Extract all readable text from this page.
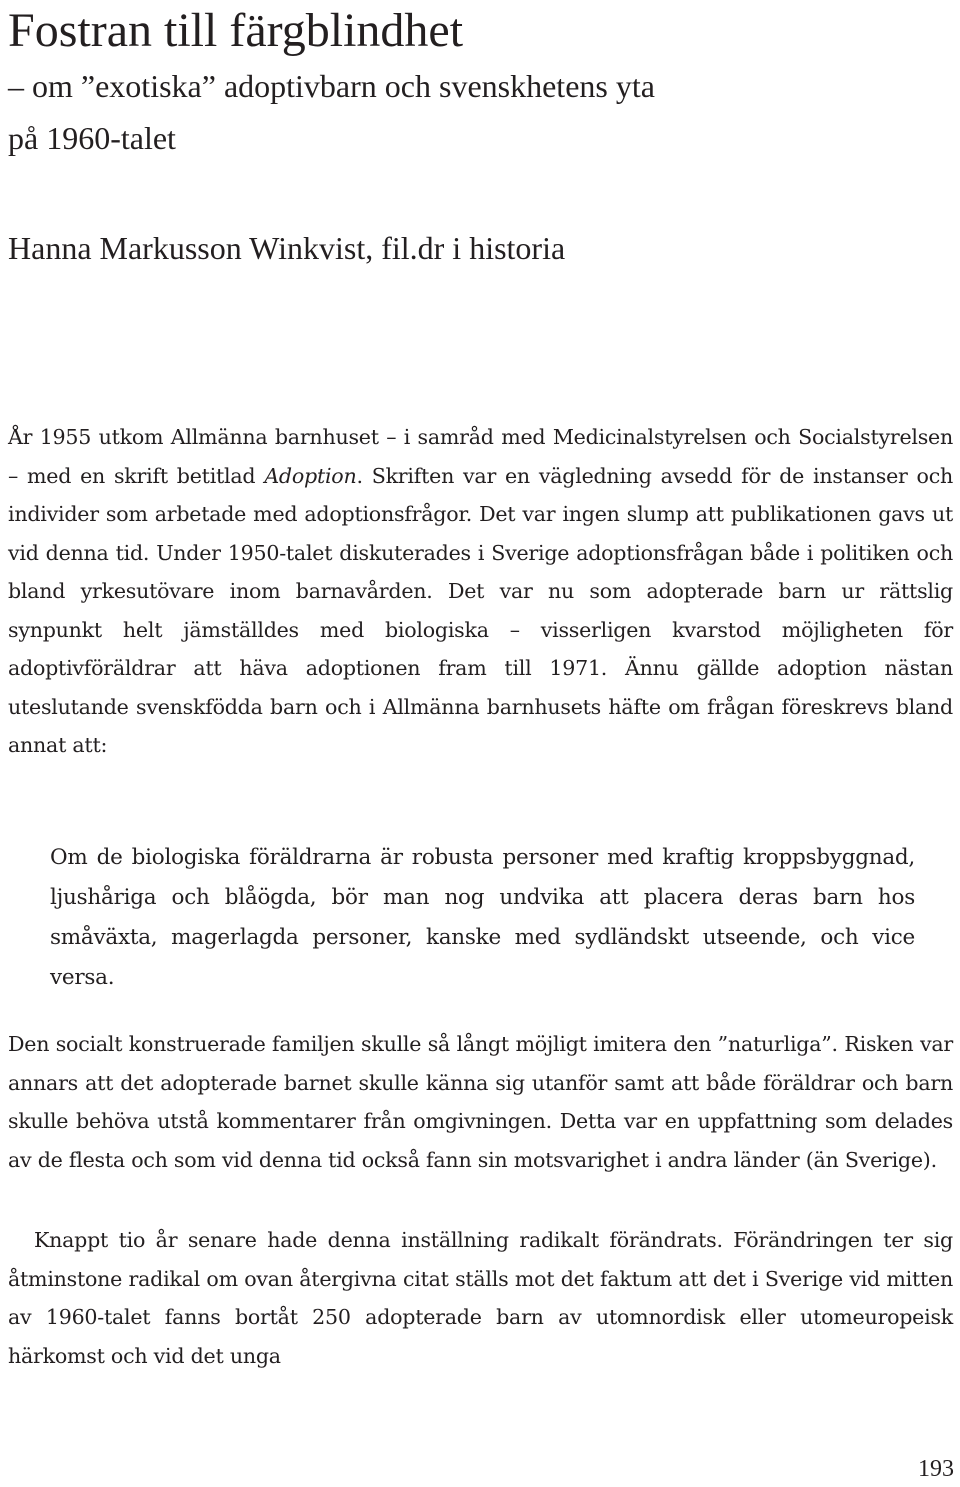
Fostran till färgblindhet
– om ”exotiska” adoptivbarn och svenskhetens yta
på 1960-talet
Hanna Markusson Winkvist, fil.dr i historia

År 1955 utkom Allmänna barnhuset – i samråd med Medicinalstyrelsen och Socialstyrelsen – med en skrift betitlad Adoption. Skriften var en vägledning avsedd för de instanser och individer som arbetade med adoptionsfrågor. Det var ingen slump att publikationen gavs ut vid denna tid. Under 1950-talet diskuterades i Sverige adoptionsfrågan både i politiken och bland yrkesutövare inom barnavården. Det var nu som adopterade barn ur rättslig synpunkt helt jämställdes med biologiska – visserligen kvarstod möjligheten för adoptivföräldrar att häva adoptionen fram till 1971. Ännu gällde adoption nästan uteslutande svenskfödda barn och i Allmänna barnhusets häfte om frågan föreskrevs bland annat att:

Om de biologiska föräldrarna är robusta personer med kraftig kroppsbyggnad, ljushåriga och blåögda, bör man nog undvika att placera deras barn hos småväxta, magerlagda personer, kanske med sydländskt utseende, och vice versa.

Den socialt konstruerade familjen skulle så långt möjligt imitera den ”naturliga”. Risken var annars att det adopterade barnet skulle känna sig utanför samt att både föräldrar och barn skulle behöva utstå kommentarer från omgivningen. Detta var en uppfattning som delades av de flesta och som vid denna tid också fann sin motsvarighet i andra länder (än Sverige).

Knappt tio år senare hade denna inställning radikalt förändrats. Förändringen ter sig åtminstone radikal om ovan återgivna citat ställs mot det faktum att det i Sverige vid mitten av 1960-talet fanns bortåt 250 adopterade barn av utomnordisk eller utomeuropeisk härkomst och vid det unga

193
